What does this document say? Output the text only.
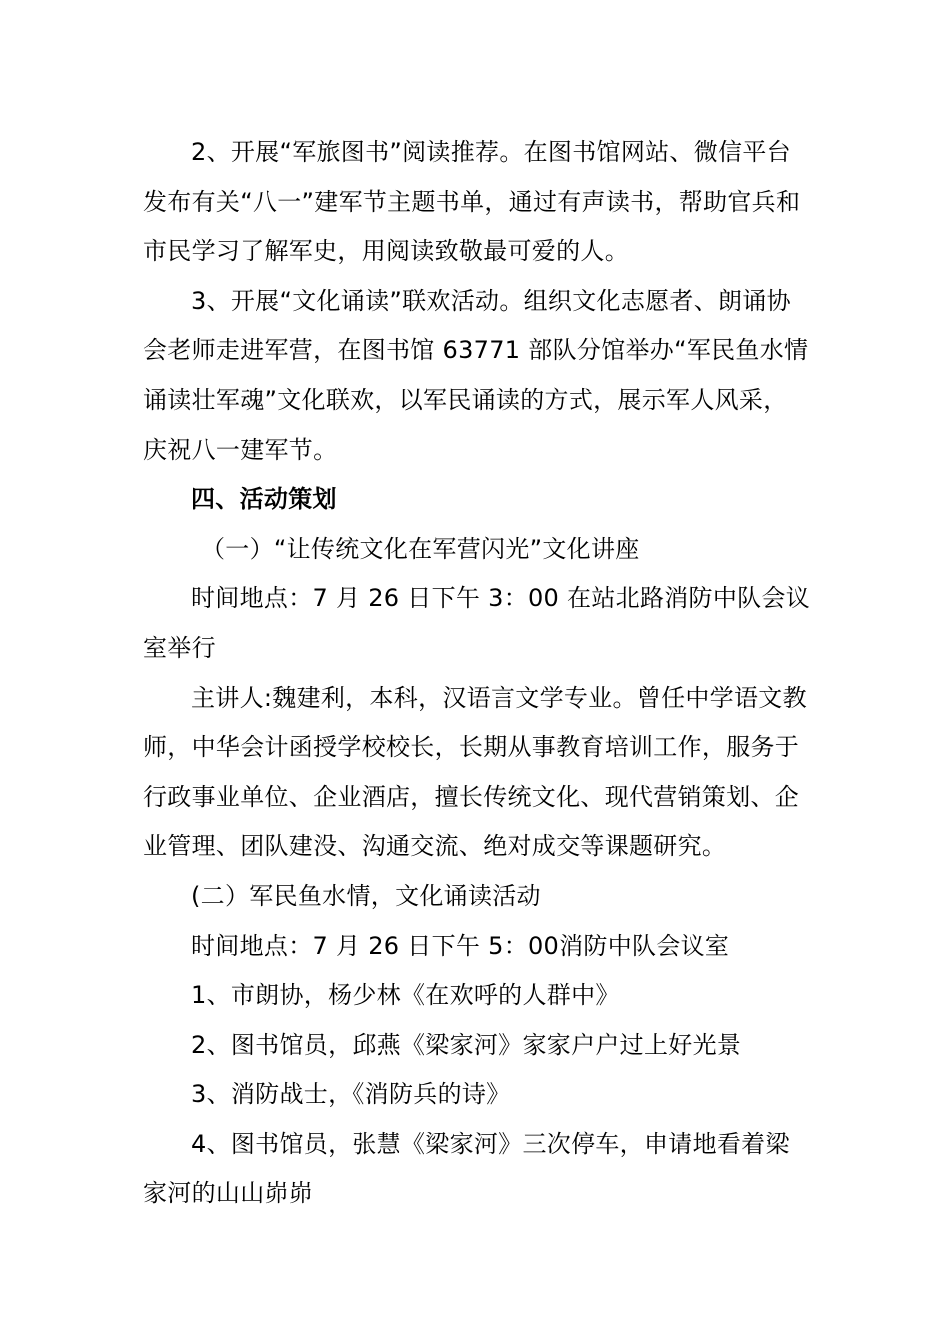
2、开展“军旅图书”阅读推荐。在图书馆网站、微信平台发布有关“八一”建军节主题书单，通过有声读书，帮助官兵和市民学习了解军史，用阅读致敬最可爱的人。

3、开展“文化诵读”联欢活动。组织文化志愿者、朗诵协会老师走进军营，在图书馆 63771 部队分馆举办“军民鱼水情诵读壮军魂”文化联欢，以军民诵读的方式，展示军人风采，庆祝八一建军节。

四、活动策划

（一）“让传统文化在军营闪光”文化讲座

时间地点：7 月 26 日下午 3：00 在站北路消防中队会议室举行

主讲人:魏建利，本科，汉语言文学专业。曾任中学语文教师，中华会计函授学校校长，长期从事教育培训工作，服务于行政事业单位、企业酒店，擅长传统文化、现代营销策划、企业管理、团队建没、沟通交流、绝对成交等课题研究。

(二）军民鱼水情，文化诵读活动

时间地点：7 月 26 日下午 5：00消防中队会议室

1、市朗协，杨少林《在欢呼的人群中》

2、图书馆员，邱燕《梁家河》家家户户过上好光景

3、消防战士，《消防兵的诗》

4、图书馆员，张慧《梁家河》三次停车，申请地看着梁家河的山山峁峁
